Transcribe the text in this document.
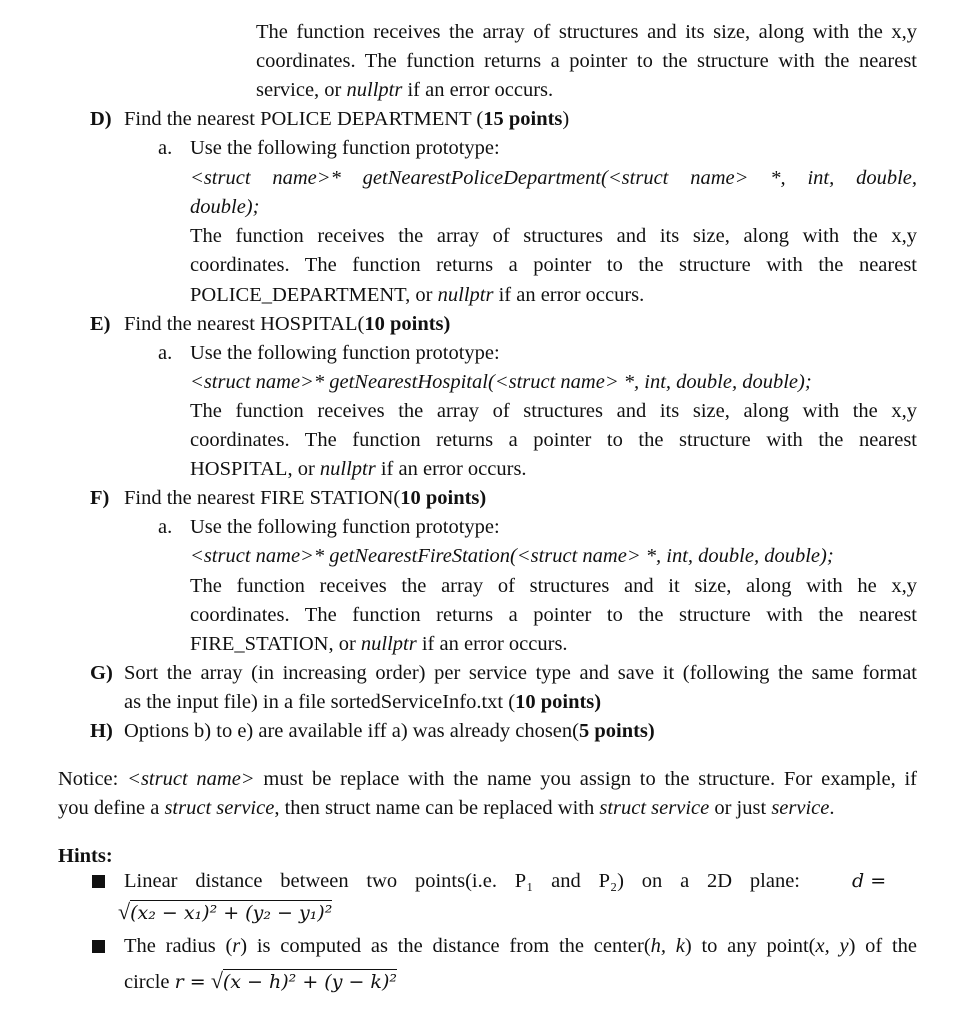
The function receives the array of structures and its size, along with the x,y
coordinates. The function returns a pointer to the structure with the nearest
service, or nullptr if an error occurs.
D) Find the nearest POLICE DEPARTMENT (15 points)
a. Use the following function prototype:
<struct name>* getNearestPoliceDepartment(<struct name> *, int, double,
double);
The function receives the array of structures and its size, along with the x,y
coordinates. The function returns a pointer to the structure with the nearest
POLICE_DEPARTMENT, or nullptr if an error occurs.
E) Find the nearest HOSPITAL(10 points)
a. Use the following function prototype:
<struct name>* getNearestHospital(<struct name> *, int, double, double);
The function receives the array of structures and its size, along with the x,y
coordinates. The function returns a pointer to the structure with the nearest
HOSPITAL, or nullptr if an error occurs.
F) Find the nearest FIRE STATION(10 points)
a. Use the following function prototype:
<struct name>* getNearestFireStation(<struct name> *, int, double, double);
The function receives the array of structures and it size, along with he x,y
coordinates. The function returns a pointer to the structure with the nearest
FIRE_STATION, or nullptr if an error occurs.
G) Sort the array (in increasing order) per service type and save it (following the same format
as the input file) in a file sortedServiceInfo.txt (10 points)
H) Options b) to e) are available iff a) was already chosen(5 points)
Notice: <struct name> must be replace with the name you assign to the structure. For example, if
you define a struct service, then struct name can be replaced with struct service or just service.
Hints:
Linear distance between two points(i.e. P₁ and P₂) on a 2D plane:	d =
√(x₂ − x₁)² + (y₂ − y₁)²
The radius (r) is computed as the distance from the center(h, k) to any point(x, y) of the
circle r = √(x − h)² + (y − k)²
